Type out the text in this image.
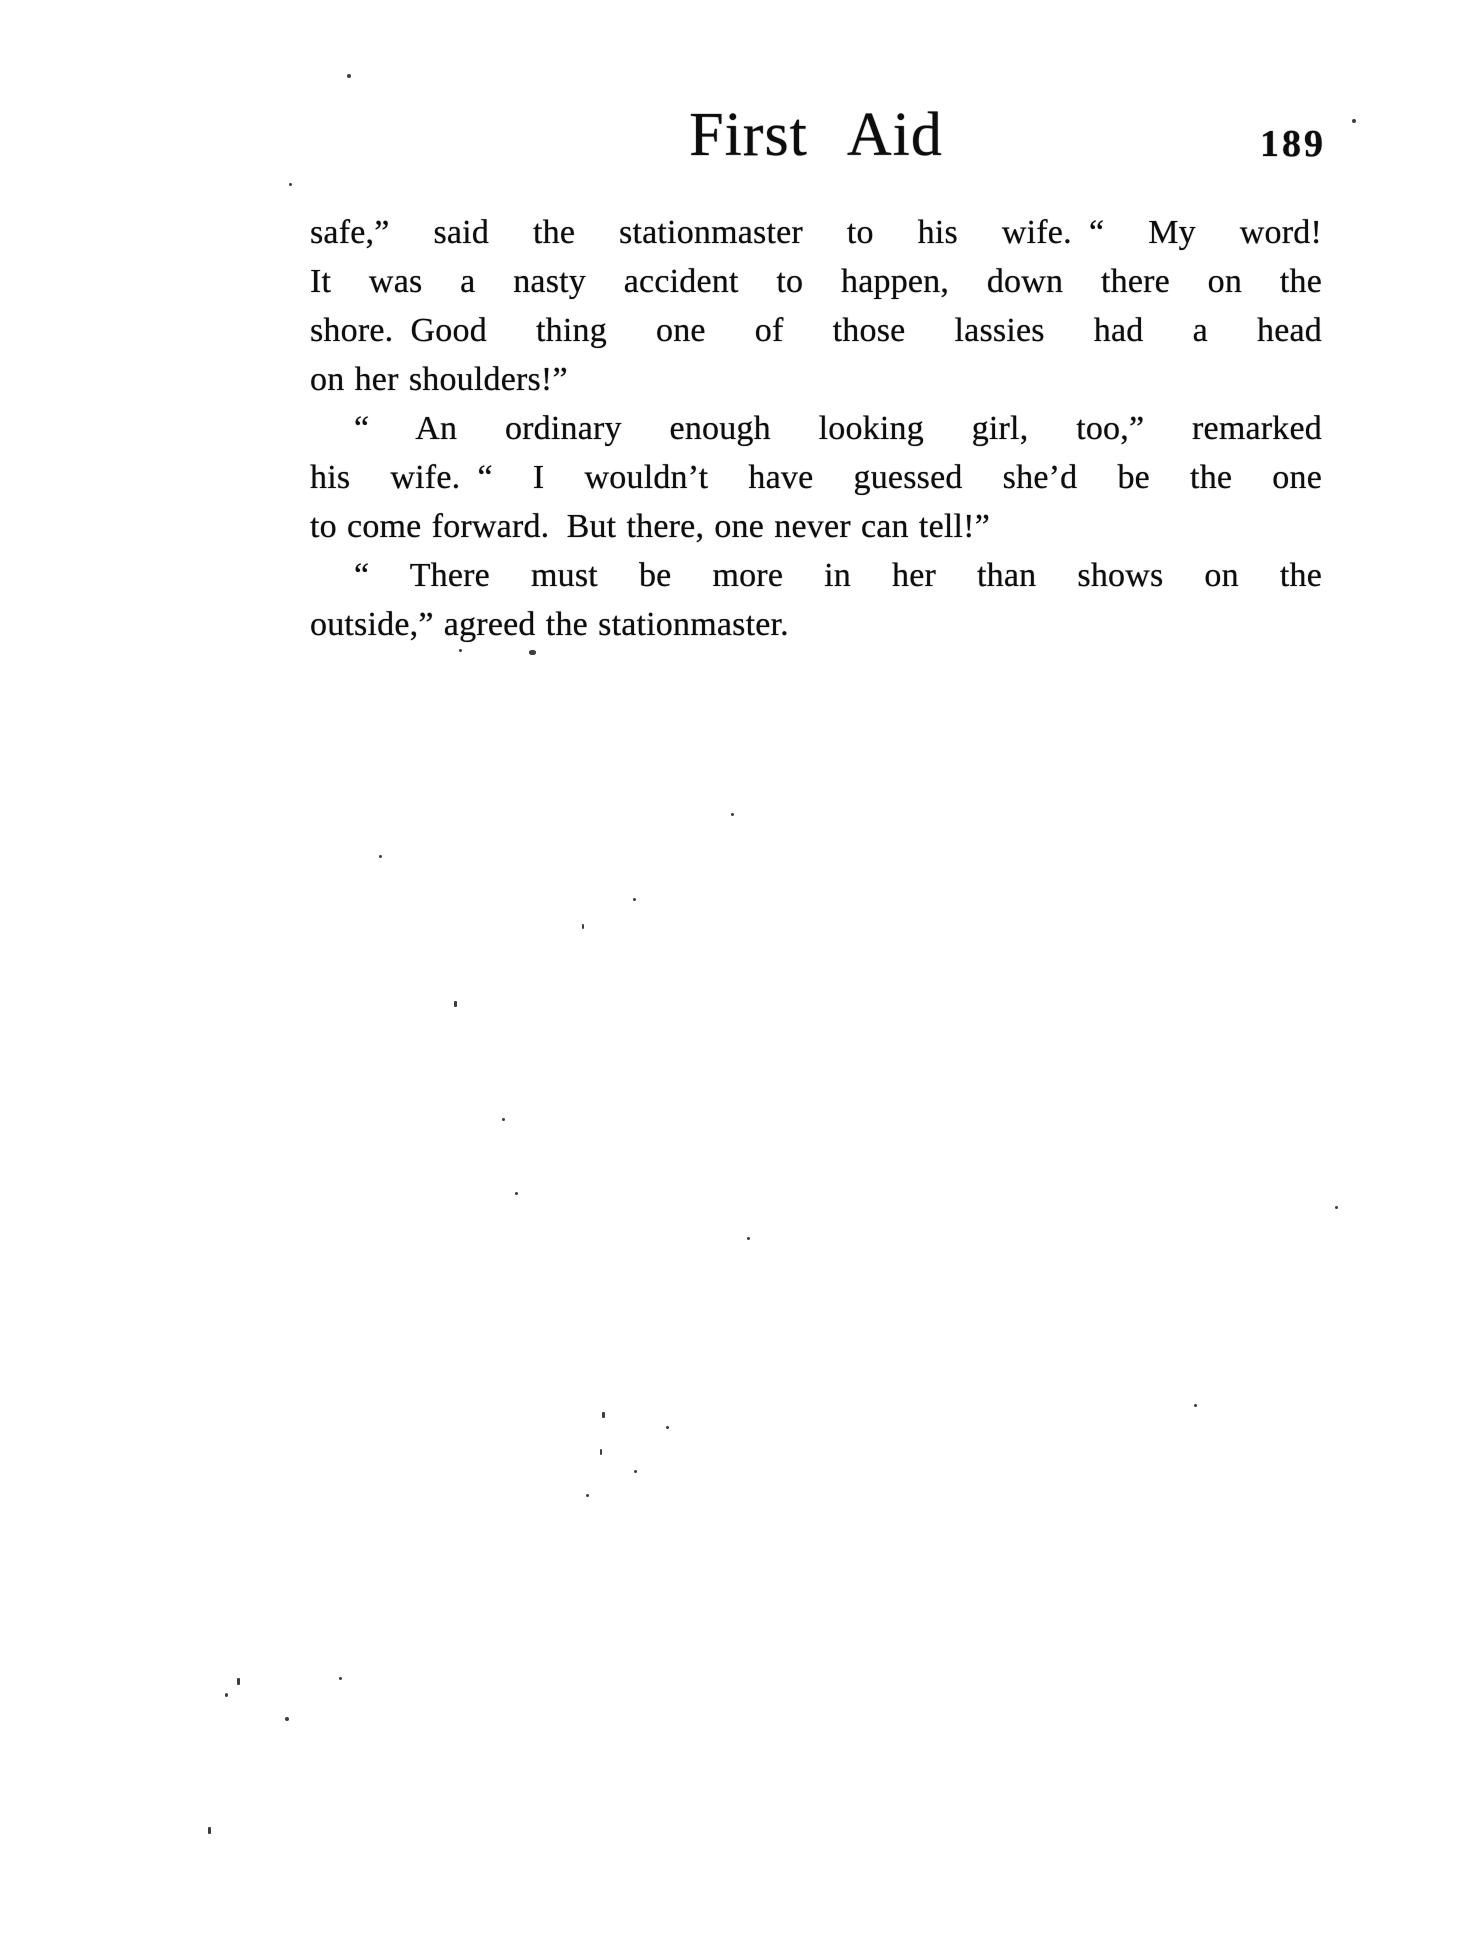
First Aid	189

safe,” said the stationmaster to his wife. “ My word!
It was a nasty accident to happen, down there on the
shore. Good thing one of those lassies had a head
on her shoulders!”

“ An ordinary enough looking girl, too,” remarked
his wife. “ I wouldn’t have guessed she’d be the one
to come forward. But there, one never can tell!”

“ There must be more in her than shows on the
outside,” agreed the stationmaster.
